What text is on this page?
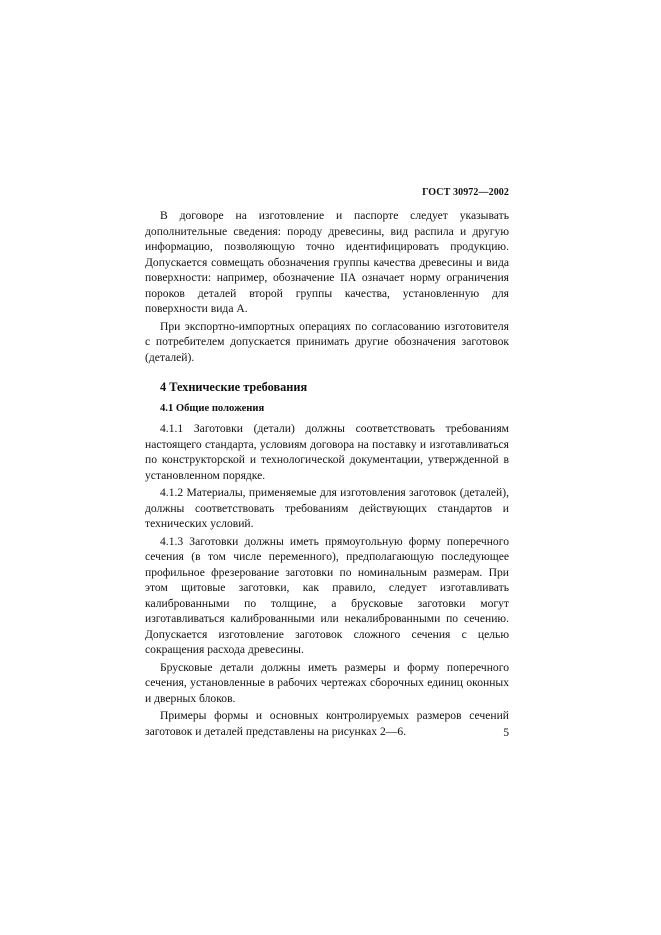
ГОСТ 30972—2002

В договоре на изготовление и паспорте следует указывать дополнительные сведения: породу древесины, вид распила и другую информацию, позволяющую точно идентифицировать продукцию. Допускается совмещать обозначения группы качества древесины и вида поверхности: например, обозначение IIА означает норму ограничения пороков деталей второй группы качества, установленную для поверхности вида А.

При экспортно-импортных операциях по согласованию изготовителя с потребителем допускается принимать другие обозначения заготовок (деталей).

4 Технические требования
4.1 Общие положения

4.1.1 Заготовки (детали) должны соответствовать требованиям настоящего стандарта, условиям договора на поставку и изготавливаться по конструкторской и технологической документации, утвержденной в установленном порядке.

4.1.2 Материалы, применяемые для изготовления заготовок (деталей), должны соответствовать требованиям действующих стандартов и технических условий.

4.1.3 Заготовки должны иметь прямоугольную форму поперечного сечения (в том числе переменного), предполагающую последующее профильное фрезерование заготовки по номинальным размерам. При этом щитовые заготовки, как правило, следует изготавливать калиброванными по толщине, а брусковые заготовки могут изготавливаться калиброванными или некалиброванными по сечению. Допускается изготовление заготовок сложного сечения с целью сокращения расхода древесины.

Брусковые детали должны иметь размеры и форму поперечного сечения, установленные в рабочих чертежах сборочных единиц оконных и дверных блоков.

Примеры формы и основных контролируемых размеров сечений заготовок и деталей представлены на рисунках 2—6.	5
